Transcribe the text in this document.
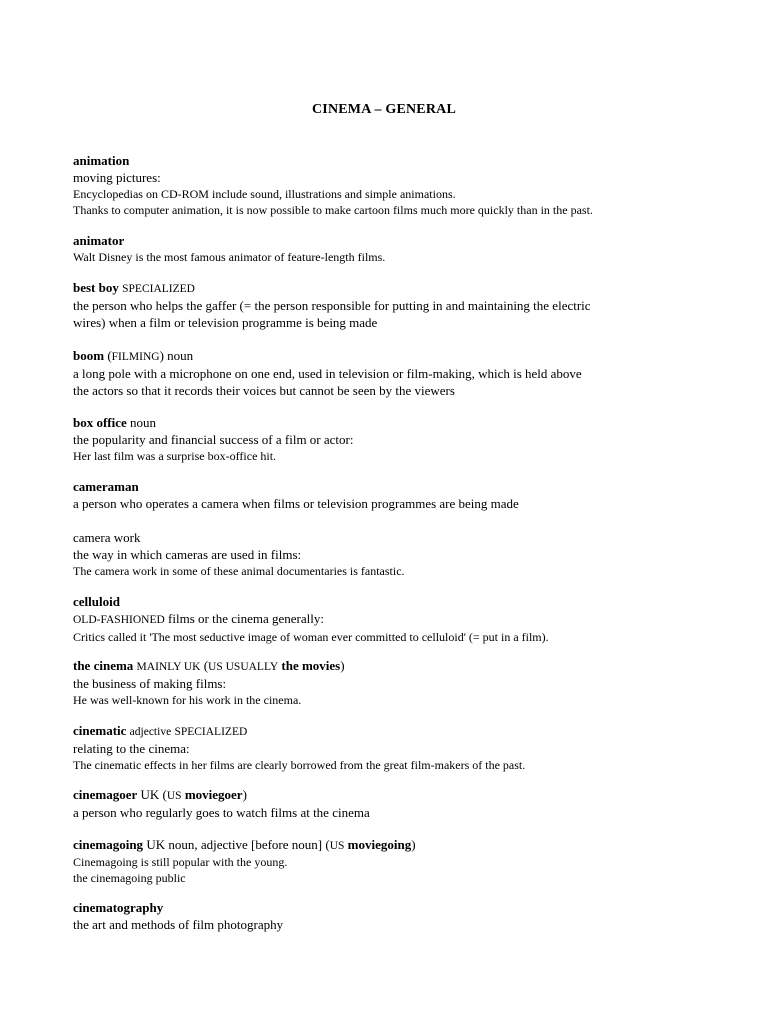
CINEMA – GENERAL
animation
moving pictures:
Encyclopedias on CD-ROM include sound, illustrations and simple animations.
Thanks to computer animation, it is now possible to make cartoon films much more quickly than in the past.
animator
Walt Disney is the most famous animator of feature-length films.
best boy SPECIALIZED
the person who helps the gaffer (= the person responsible for putting in and maintaining the electric
wires) when a film or television programme is being made
boom (FILMING) noun
a long pole with a microphone on one end, used in television or film-making, which is held above
the actors so that it records their voices but cannot be seen by the viewers
box office noun
the popularity and financial success of a film or actor:
Her last film was a surprise box-office hit.
cameraman
a person who operates a camera when films or television programmes are being made
camera work
the way in which cameras are used in films:
The camera work in some of these animal documentaries is fantastic.
celluloid
OLD-FASHIONED films or the cinema generally:
Critics called it 'The most seductive image of woman ever committed to celluloid' (= put in a film).
the cinema MAINLY UK (US USUALLY the movies)
the business of making films:
He was well-known for his work in the cinema.
cinematic adjective SPECIALIZED
relating to the cinema:
The cinematic effects in her films are clearly borrowed from the great film-makers of the past.
cinemagoer UK (US moviegoer)
a person who regularly goes to watch films at the cinema
cinemagoing UK noun, adjective [before noun] (US moviegoing)
Cinemagoing is still popular with the young.
the cinemagoing public
cinematography
the art and methods of film photography
